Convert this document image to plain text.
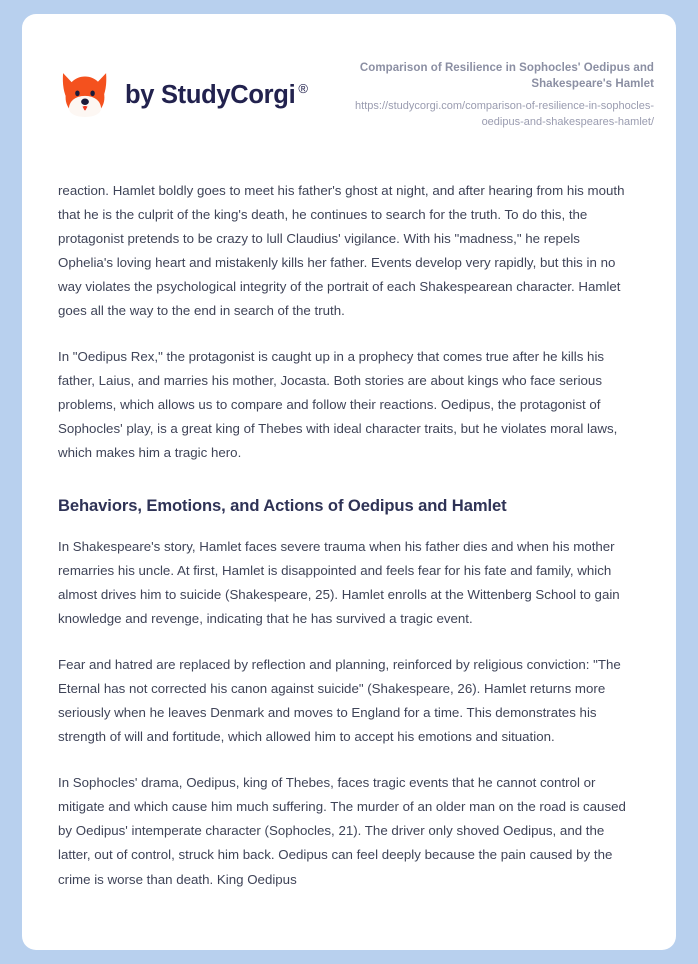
by StudyCorgi ®

Comparison of Resilience in Sophocles' Oedipus and Shakespeare's Hamlet

https://studycorgi.com/comparison-of-resilience-in-sophocles-oedipus-and-shakespeares-hamlet/

reaction. Hamlet boldly goes to meet his father's ghost at night, and after hearing from his mouth that he is the culprit of the king's death, he continues to search for the truth. To do this, the protagonist pretends to be crazy to lull Claudius' vigilance. With his "madness," he repels Ophelia's loving heart and mistakenly kills her father. Events develop very rapidly, but this in no way violates the psychological integrity of the portrait of each Shakespearean character. Hamlet goes all the way to the end in search of the truth.

In "Oedipus Rex," the protagonist is caught up in a prophecy that comes true after he kills his father, Laius, and marries his mother, Jocasta. Both stories are about kings who face serious problems, which allows us to compare and follow their reactions. Oedipus, the protagonist of Sophocles' play, is a great king of Thebes with ideal character traits, but he violates moral laws, which makes him a tragic hero.

Behaviors, Emotions, and Actions of Oedipus and Hamlet

In Shakespeare's story, Hamlet faces severe trauma when his father dies and when his mother remarries his uncle. At first, Hamlet is disappointed and feels fear for his fate and family, which almost drives him to suicide (Shakespeare, 25). Hamlet enrolls at the Wittenberg School to gain knowledge and revenge, indicating that he has survived a tragic event.

Fear and hatred are replaced by reflection and planning, reinforced by religious conviction: "The Eternal has not corrected his canon against suicide" (Shakespeare, 26). Hamlet returns more seriously when he leaves Denmark and moves to England for a time. This demonstrates his strength of will and fortitude, which allowed him to accept his emotions and situation.

In Sophocles' drama, Oedipus, king of Thebes, faces tragic events that he cannot control or mitigate and which cause him much suffering. The murder of an older man on the road is caused by Oedipus' intemperate character (Sophocles, 21). The driver only shoved Oedipus, and the latter, out of control, struck him back. Oedipus can feel deeply because the pain caused by the crime is worse than death. King Oedipus
